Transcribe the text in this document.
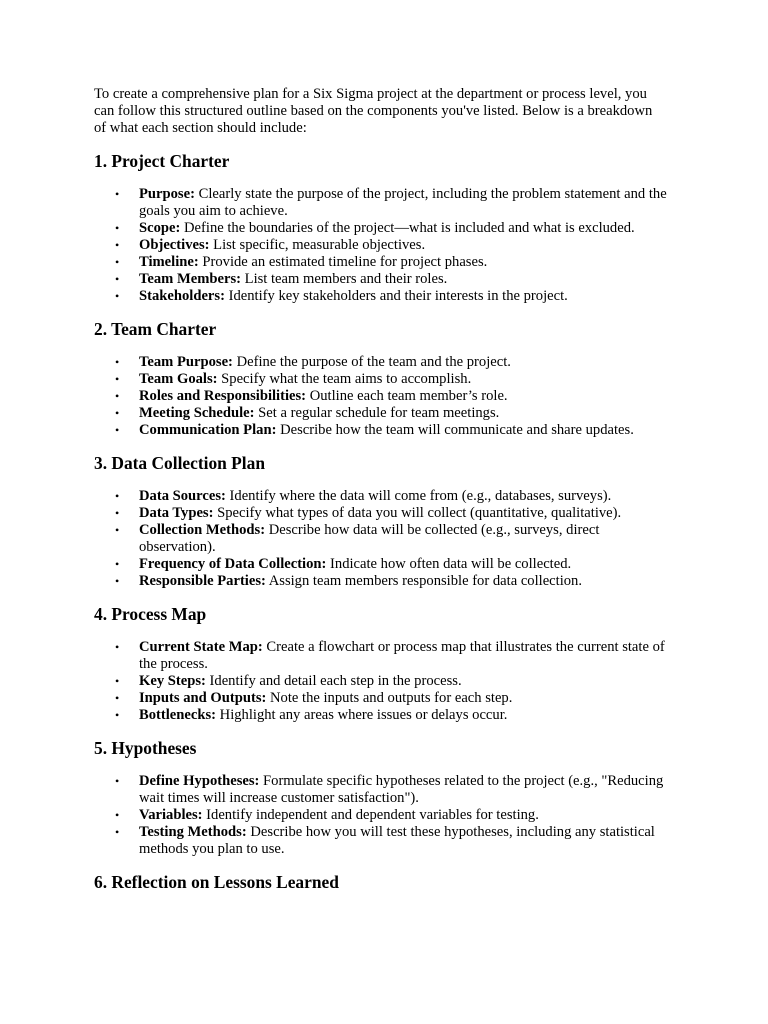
To create a comprehensive plan for a Six Sigma project at the department or process level, you can follow this structured outline based on the components you've listed. Below is a breakdown of what each section should include:

1. Project Charter
•	Purpose: Clearly state the purpose of the project, including the problem statement and the goals you aim to achieve.
•	Scope: Define the boundaries of the project—what is included and what is excluded.
•	Objectives: List specific, measurable objectives.
•	Timeline: Provide an estimated timeline for project phases.
•	Team Members: List team members and their roles.
•	Stakeholders: Identify key stakeholders and their interests in the project.
2. Team Charter
•	Team Purpose: Define the purpose of the team and the project.
•	Team Goals: Specify what the team aims to accomplish.
•	Roles and Responsibilities: Outline each team member’s role.
•	Meeting Schedule: Set a regular schedule for team meetings.
•	Communication Plan: Describe how the team will communicate and share updates.
3. Data Collection Plan
•	Data Sources: Identify where the data will come from (e.g., databases, surveys).
•	Data Types: Specify what types of data you will collect (quantitative, qualitative).
•	Collection Methods: Describe how data will be collected (e.g., surveys, direct observation).
•	Frequency of Data Collection: Indicate how often data will be collected.
•	Responsible Parties: Assign team members responsible for data collection.
4. Process Map
•	Current State Map: Create a flowchart or process map that illustrates the current state of the process.
•	Key Steps: Identify and detail each step in the process.
•	Inputs and Outputs: Note the inputs and outputs for each step.
•	Bottlenecks: Highlight any areas where issues or delays occur.
5. Hypotheses
•	Define Hypotheses: Formulate specific hypotheses related to the project (e.g., "Reducing wait times will increase customer satisfaction").
•	Variables: Identify independent and dependent variables for testing.
•	Testing Methods: Describe how you will test these hypotheses, including any statistical methods you plan to use.
6. Reflection on Lessons Learned
